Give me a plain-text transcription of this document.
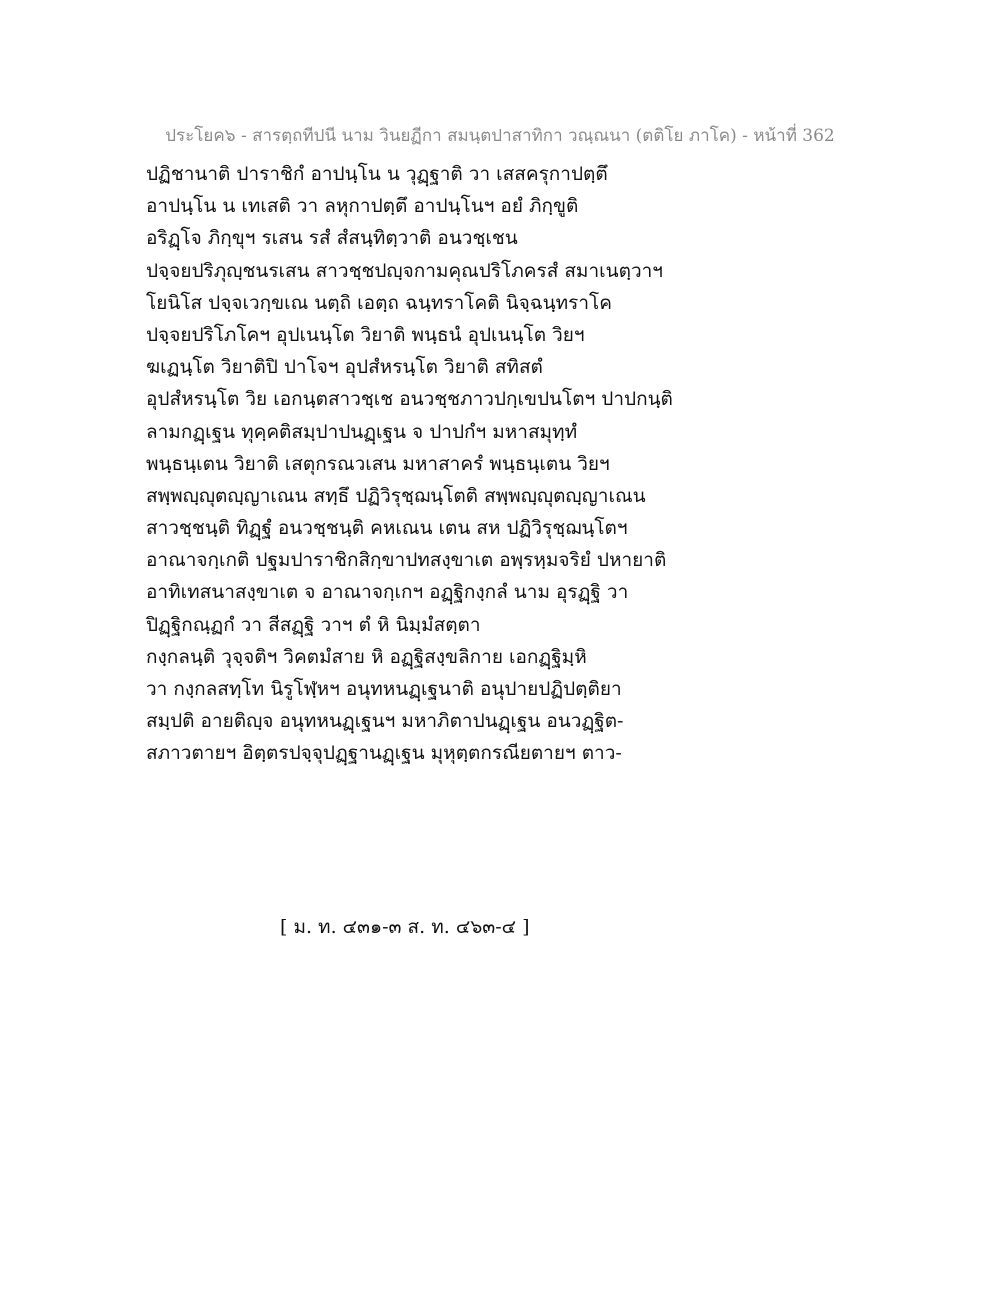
ประโยค๖ - สารตฺถทีปนี นาม วินยฏีกา สมนฺตปาสาทิกา วณฺณนา (ตติโย ภาโค) - หน้าที่ 362
ปฏิชานาติ ปาราชิกํ อาปนฺโน น วุฏฺฐาติ วา เสสครุกาปตฺตึ
อาปนฺโน น เทเสติ วา ลหุกาปตฺตึ อาปนฺโนฯ อยํ ภิกฺขูติ
อริฏฺโจ ภิกฺขุฯ รเสน รสํ สํสนฺทิตฺวาติ อนวชฺเชน
ปจฺจยปริภุญฺชนรเสน สาวชฺชปญฺจกามคุณปริโภครสํ สมาเนตฺวาฯ
โยนิโส ปจฺจเวกฺขเณ นตฺถิ เอตฺถ ฉนฺทราโคติ นิจฺฉนฺทราโค
ปจฺจยปริโภโคฯ อุปเนนฺโต วิยาติ พนฺธนํ อุปเนนฺโต วิยฯ
ฆเฏนฺโต วิยาติปิ ปาโจฯ อุปสํหรนฺโต วิยาติ สทิสตํ
อุปสํหรนฺโต วิย เอกนฺตสาวชฺเช อนวชฺชภาวปกฺเขปนโตฯ ปาปกนฺติ
ลามกฏฺเฐน ทุคฺคติสมฺปาปนฏฺเฐน จ ปาปกํฯ มหาสมุทฺทํ
พนฺธนฺเตน วิยาติ เสตุกรณวเสน มหาสาครํ พนฺธนฺเตน วิยฯ
สพฺพญฺญุตญฺญาเณน สทฺธึ ปฏิวิรุชฺฌนฺโตติ สพฺพญฺญุตญฺญาเณน
สาวชฺชนฺติ ทิฏฺฐํ อนวชฺชนฺติ คหเณน เตน สห ปฏิวิรุชฺฌนฺโตฯ
อาณาจกฺเกติ ปฐมปาราชิกสิกฺขาปทสงฺขาเต อพฺรหฺมจริยํ ปหายาติ
อาทิเทสนาสงฺขาเต จ อาณาจกฺเกฯ อฏฺฐิกงฺกลํ นาม อุรฏฺฐิ วา
ปิฏฺฐิกณฺฏกํ วา สีสฏฺฐิ วาฯ ตํ หิ นิมฺมํสตฺตา
กงฺกลนฺติ วุจฺจติฯ วิคตมํสาย หิ อฏฺฐิสงฺขลิกาย เอกฏฺฐิมฺหิ
วา กงฺกลสทฺโท นิรูโฬฺหฯ อนุทหนฏฺเฐนาติ อนุปายปฏิปตฺติยา
สมฺปติ อายติญฺจ อนุทหนฏฺเฐนฯ มหาภิตาปนฏฺเฐน อนวฏฺฐิต-
สภาวตายฯ อิตฺตรปจฺจุปฏฺฐานฏฺเฐน มุหุตฺตกรณียตายฯ ตาว-
[ ม. ท. ๔๓๑-๓ ส. ท. ๔๖๓-๔ ]
